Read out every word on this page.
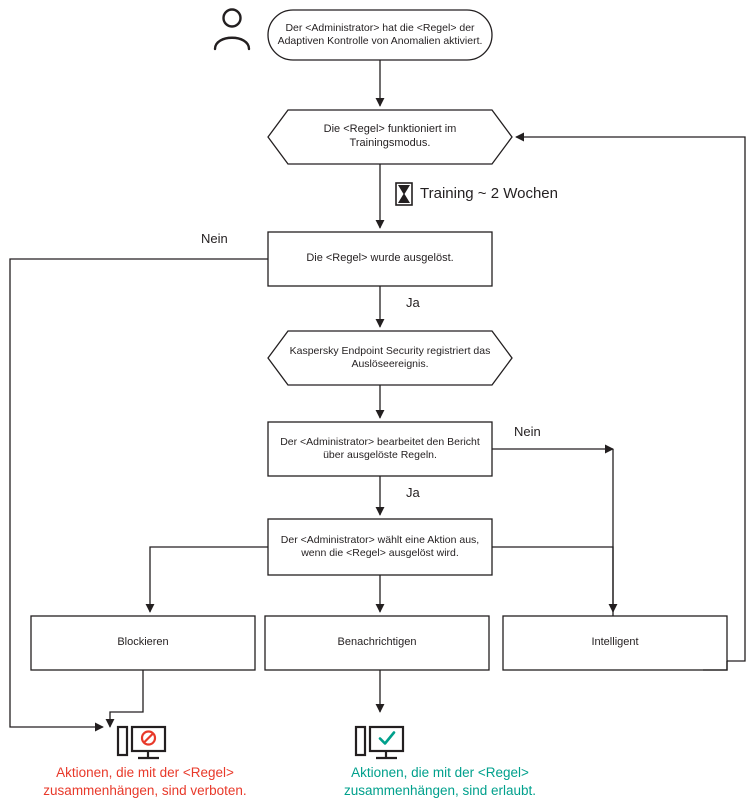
Der <Administrator> hat die <Regel> der Adaptiven Kontrolle von Anomalien aktiviert.
Die <Regel> funktioniert im Trainingsmodus.
Die <Regel> wurde ausgelöst.
Kaspersky Endpoint Security registriert das Auslöseereignis.
Der <Administrator> bearbeitet den Bericht über ausgelöste Regeln.
Der <Administrator> wählt eine Aktion aus, wenn die <Regel> ausgelöst wird.
Blockieren	Benachrichtigen	Intelligent
Training ~ 2 Wochen
Nein
Ja
Nein
Ja
Aktionen, die mit der <Regel> zusammenhängen, sind verboten.
Aktionen, die mit der <Regel> zusammenhängen, sind erlaubt.
